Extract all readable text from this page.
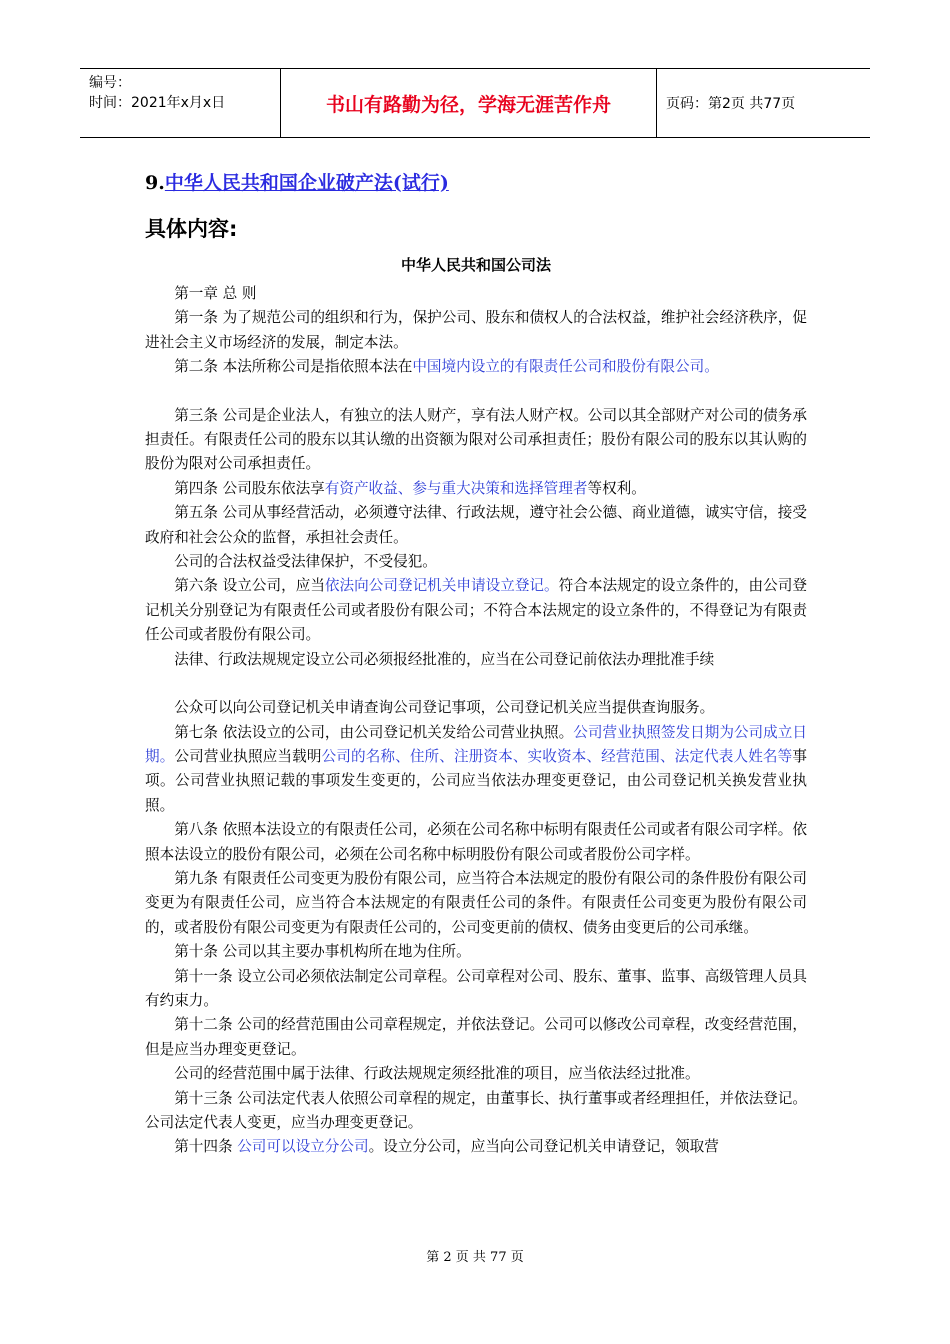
编号：
时间：2021年x月x日	书山有路勤为径，学海无涯苦作舟	页码：第2页 共77页
9.中华人民共和国企业破产法(试行)
具体内容:
中华人民共和国公司法

第一章 总 则

第一条 为了规范公司的组织和行为，保护公司、股东和债权人的合法权益，维护社会经济秩序，促进社会主义市场经济的发展，制定本法。

第二条 本法所称公司是指依照本法在中国境内设立的有限责任公司和股份有限公司。

第三条 公司是企业法人，有独立的法人财产，享有法人财产权。公司以其全部财产对公司的债务承担责任。有限责任公司的股东以其认缴的出资额为限对公司承担责任；股份有限公司的股东以其认购的股份为限对公司承担责任。

第四条 公司股东依法享有资产收益、参与重大决策和选择管理者等权利。

第五条 公司从事经营活动，必须遵守法律、行政法规，遵守社会公德、商业道德，诚实守信，接受政府和社会公众的监督，承担社会责任。

公司的合法权益受法律保护，不受侵犯。

第六条 设立公司，应当依法向公司登记机关申请设立登记。符合本法规定的设立条件的，由公司登记机关分别登记为有限责任公司或者股份有限公司；不符合本法规定的设立条件的，不得登记为有限责任公司或者股份有限公司。

法律、行政法规规定设立公司必须报经批准的，应当在公司登记前依法办理批准手续

公众可以向公司登记机关申请查询公司登记事项，公司登记机关应当提供查询服务。

第七条 依法设立的公司，由公司登记机关发给公司营业执照。公司营业执照签发日期为公司成立日期。公司营业执照应当载明公司的名称、住所、注册资本、实收资本、经营范围、法定代表人姓名等事项。公司营业执照记载的事项发生变更的，公司应当依法办理变更登记，由公司登记机关换发营业执照。

第八条 依照本法设立的有限责任公司，必须在公司名称中标明有限责任公司或者有限公司字样。依照本法设立的股份有限公司，必须在公司名称中标明股份有限公司或者股份公司字样。

第九条 有限责任公司变更为股份有限公司，应当符合本法规定的股份有限公司的条件股份有限公司变更为有限责任公司，应当符合本法规定的有限责任公司的条件。有限责任公司变更为股份有限公司的，或者股份有限公司变更为有限责任公司的，公司变更前的债权、债务由变更后的公司承继。

第十条 公司以其主要办事机构所在地为住所。

第十一条 设立公司必须依法制定公司章程。公司章程对公司、股东、董事、监事、高级管理人员具有约束力。

第十二条 公司的经营范围由公司章程规定，并依法登记。公司可以修改公司章程，改变经营范围，但是应当办理变更登记。

公司的经营范围中属于法律、行政法规规定须经批准的项目，应当依法经过批准。

第十三条 公司法定代表人依照公司章程的规定，由董事长、执行董事或者经理担任，并依法登记。公司法定代表人变更，应当办理变更登记。

第十四条 公司可以设立分公司。设立分公司，应当向公司登记机关申请登记，领取营

第 2 页 共 77 页
